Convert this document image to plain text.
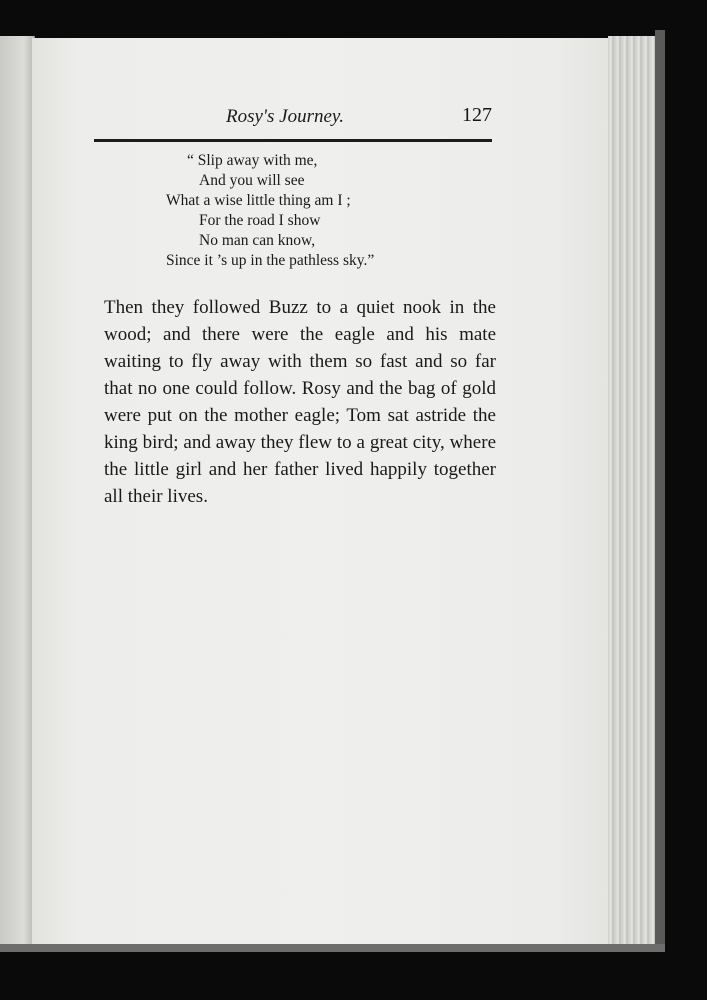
Rosy's Journey.	127
“ Slip away with me,
And you will see
What a wise little thing am I ;
For the road I show
No man can know,
Since it ’s up in the pathless sky.”

Then they followed Buzz to a quiet nook in the wood; and there were the eagle and his mate waiting to fly away with them so fast and so far that no one could follow. Rosy and the bag of gold were put on the mother eagle; Tom sat astride the king bird; and away they flew to a great city, where the little girl and her father lived happily together all their lives.
